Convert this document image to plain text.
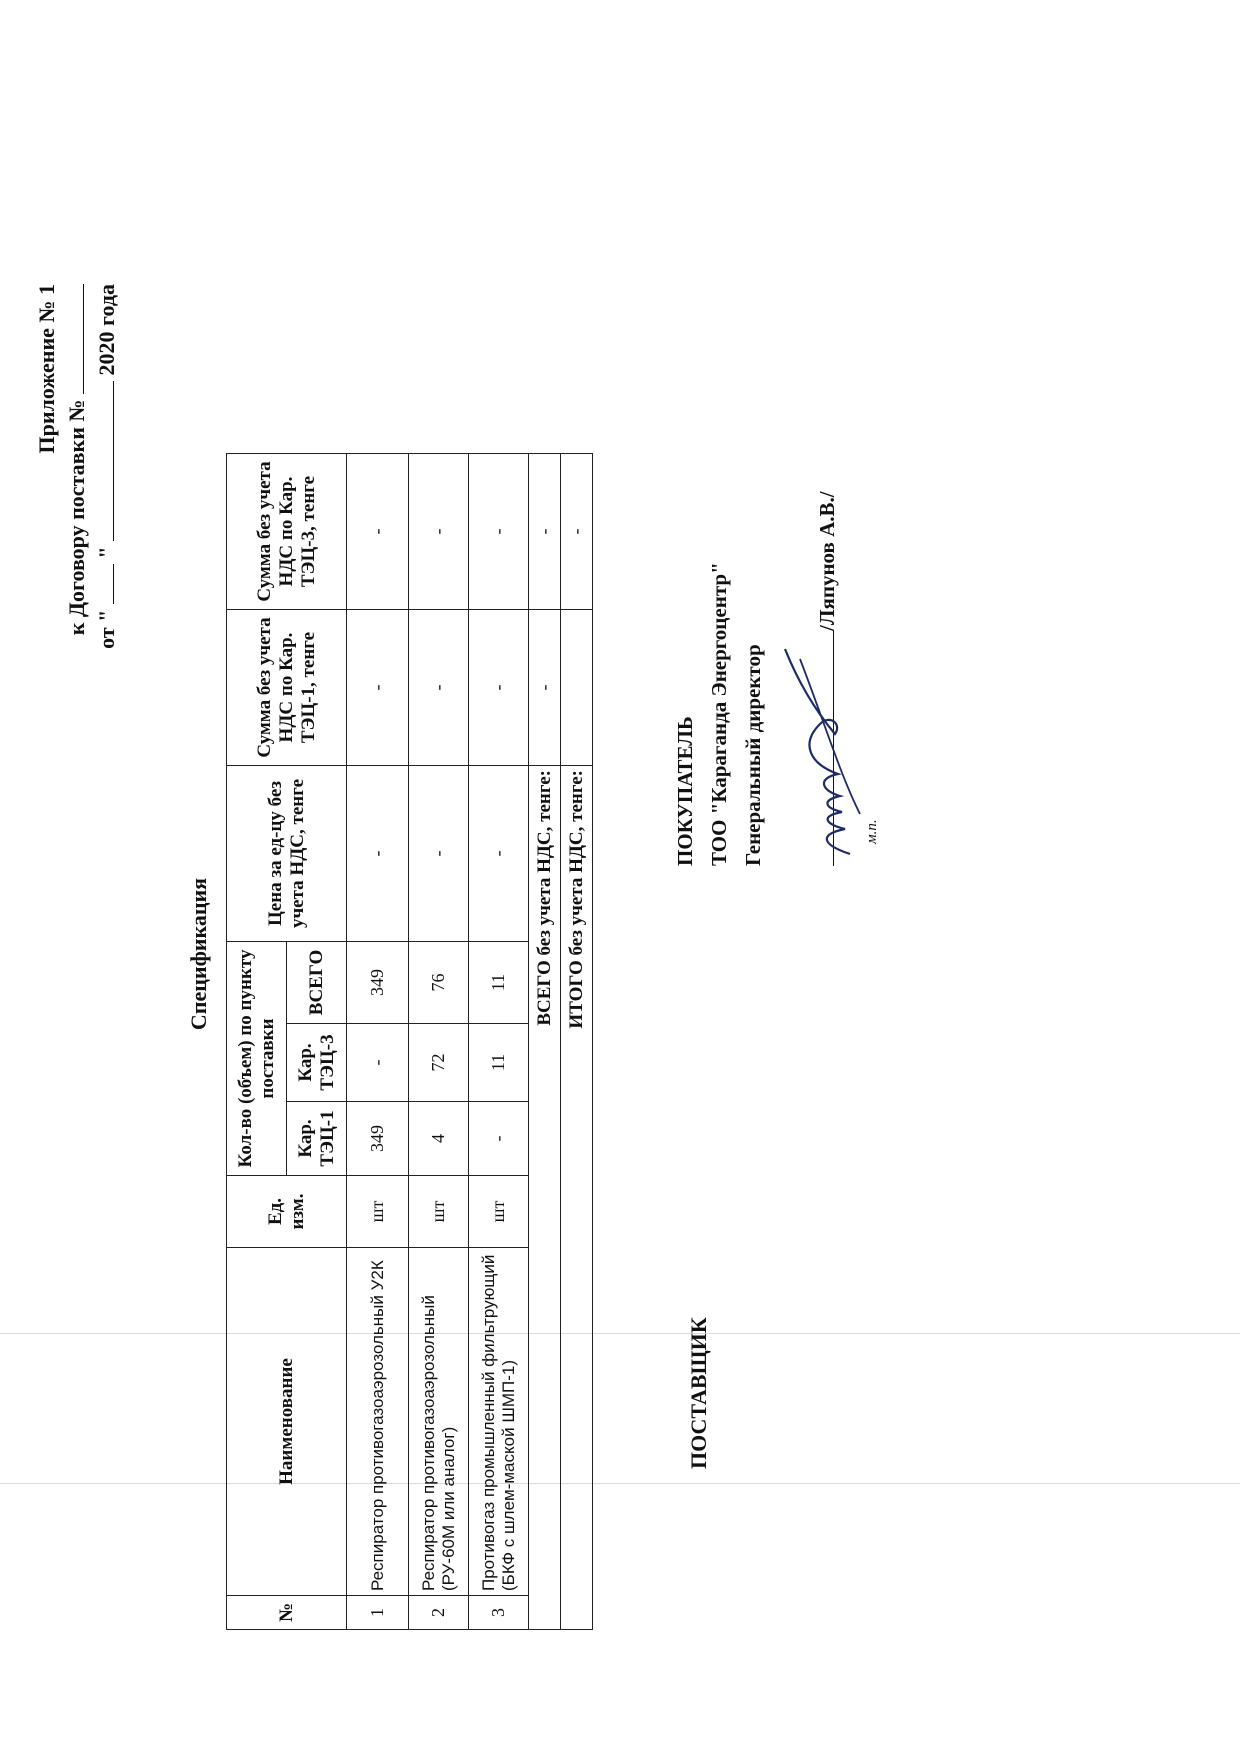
Приложение № 1
к Договору поставки № от "  "  2020 года
Спецификация
№	Наименование	Ед. изм.	Кол-во (объем) по пункту поставки			Цена за ед-цу без учета НДС, тенге	Сумма без учета НДС по Кар. ТЭЦ-1, тенге	Сумма без учета НДС по Кар. ТЭЦ-3, тенге
			Кар. ТЭЦ-1	Кар. ТЭЦ-3	ВСЕГО			
1	Респиратор противогазоаэрозольный У2К	шт	349	-	349	-	-	-
2	Респиратор противогазоаэрозольный (РУ-60М или аналог)	шт	4	72	76	-	-	-
3	Противогаз промышленный фильтрующий (БКФ с шлем-маской ШМП-1)	шт	-	11	11	-	-	-
ВСЕГО без учета НДС, тенге:							-	-
ИТОГО без учета НДС, тенге:								-
ПОСТАВЩИК
ПОКУПАТЕЛЬ ТОО "Караганда Энергоцентр" Генеральный директор
/Ляпунов А.В./
м.п.
